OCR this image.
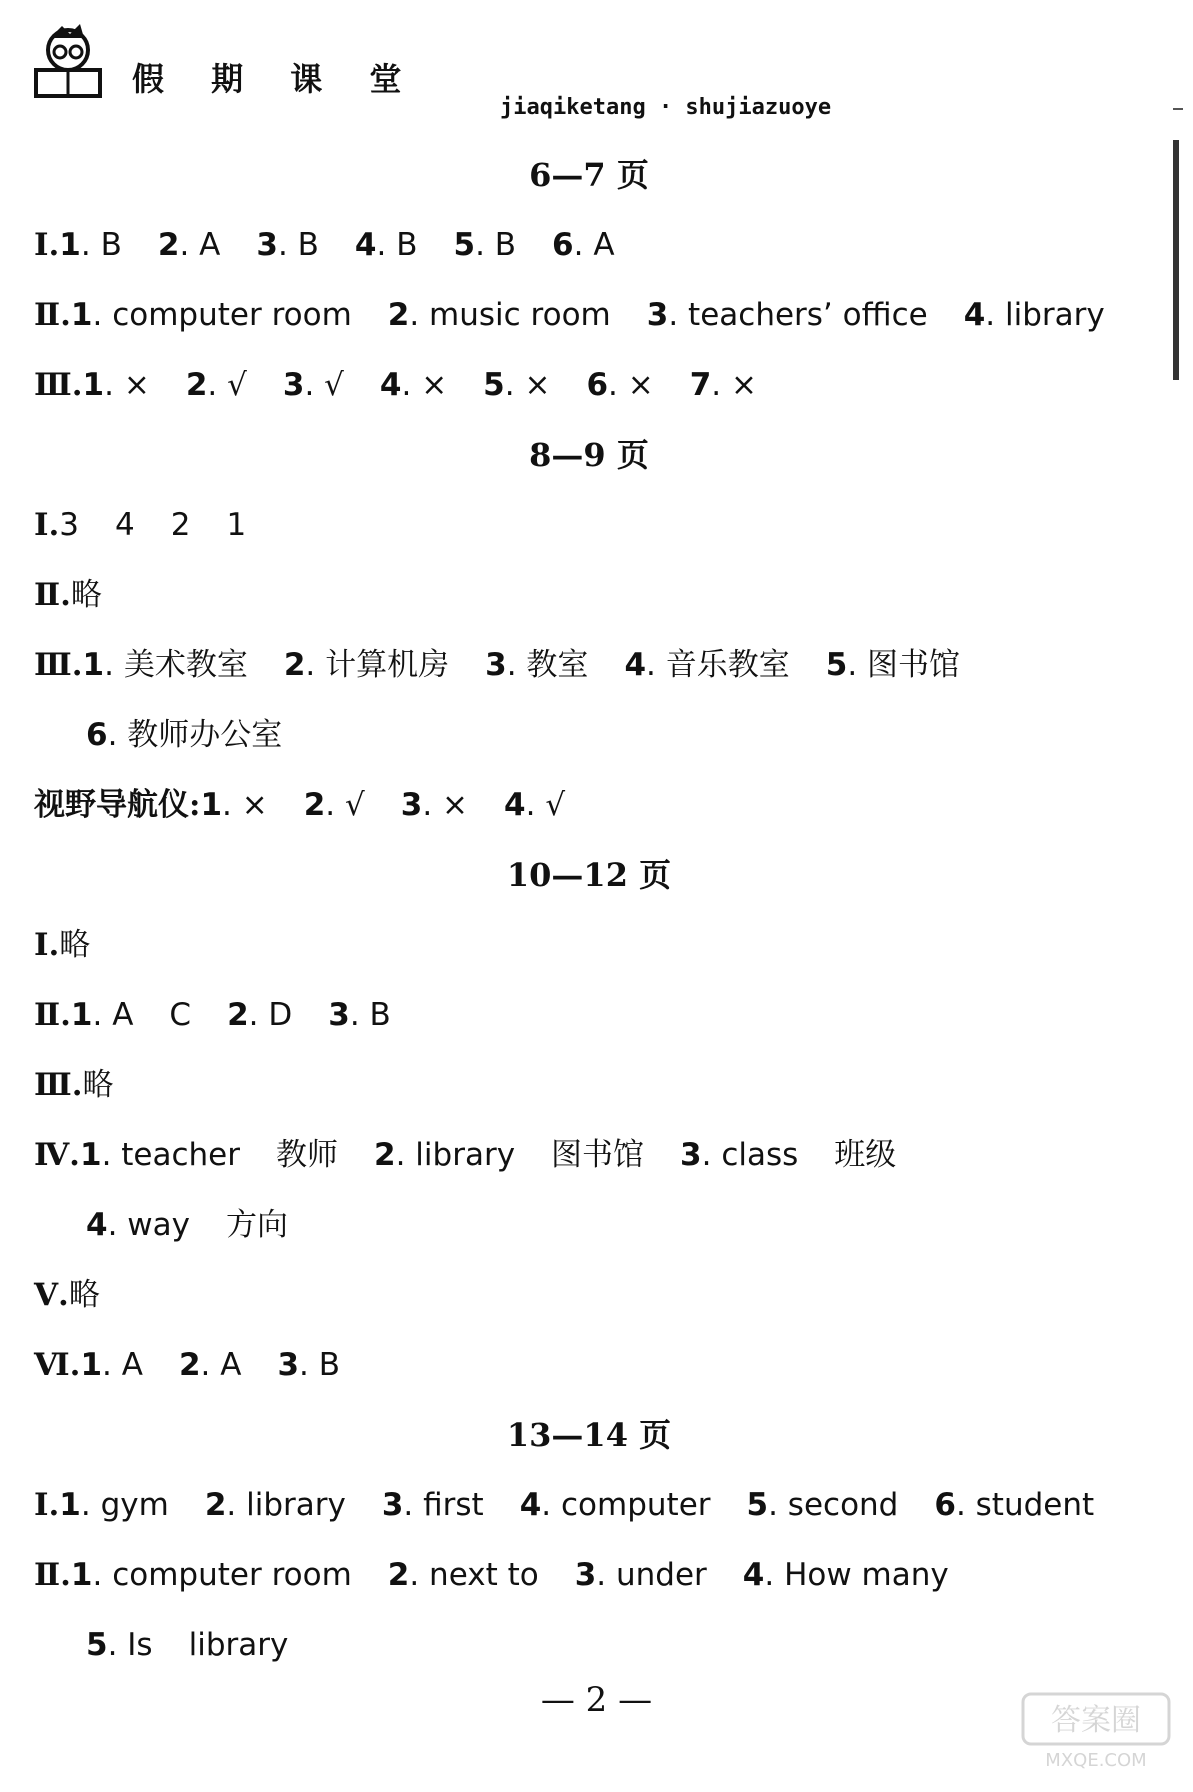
假 期 课 堂
jiaqiketang · shujiazuoye
6—7 页
Ⅰ.1. B 2. A 3. B 4. B 5. B 6. A
Ⅱ.1. computer room 2. music room 3. teachers’ office 4. library
Ⅲ.1. × 2. √ 3. √ 4. × 5. × 6. × 7. ×
8—9 页
Ⅰ.3 4 2 1
Ⅱ.略
Ⅲ.1. 美术教室 2. 计算机房 3. 教室 4. 音乐教室 5. 图书馆
6. 教师办公室
视野导航仪:1. × 2. √ 3. × 4. √
10—12 页
Ⅰ.略
Ⅱ.1. A C 2. D 3. B
Ⅲ.略
Ⅳ.1. teacher 教师 2. library 图书馆 3. class 班级
4. way 方向
Ⅴ.略
Ⅵ.1. A 2. A 3. B
13—14 页
Ⅰ.1. gym 2. library 3. first 4. computer 5. second 6. student
Ⅱ.1. computer room 2. next to 3. under 4. How many
5. Is library
— 2 —
答案圈
MXQE.COM
